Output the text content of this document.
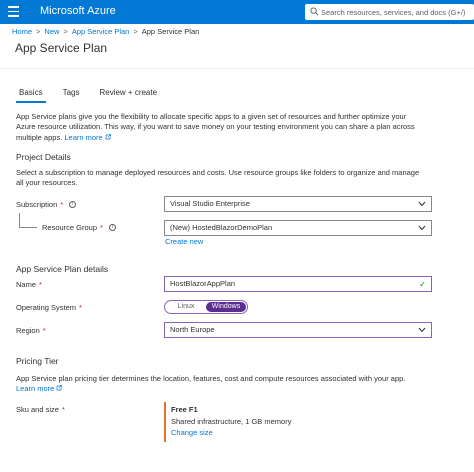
Microsoft Azure
Search resources, services, and docs (G+/)
Home > New > App Service Plan > App Service Plan
App Service Plan
Basics	Tags	Review + create
App Service plans give you the flexibility to allocate specific apps to a given set of resources and further optimize your
Azure resource utilization. This way, if you want to save money on your testing environment you can share a plan across
multiple apps. Learn more
Project Details
Select a subscription to manage deployed resources and costs. Use resource groups like folders to organize and manage
all your resources.
Subscription *	i	Visual Studio Enterprise
Resource Group *	i	(New) HostedBlazorDemoPlan
Create new
App Service Plan details
Name *	HostBlazorAppPlan	✓
Operating System *	Linux	Windows
Region *	North Europe
Pricing Tier
App Service plan pricing tier determines the location, features, cost and compute resources associated with your app.
Learn more
Sku and size *	Free F1
Shared infrastructure, 1 GB memory
Change size
